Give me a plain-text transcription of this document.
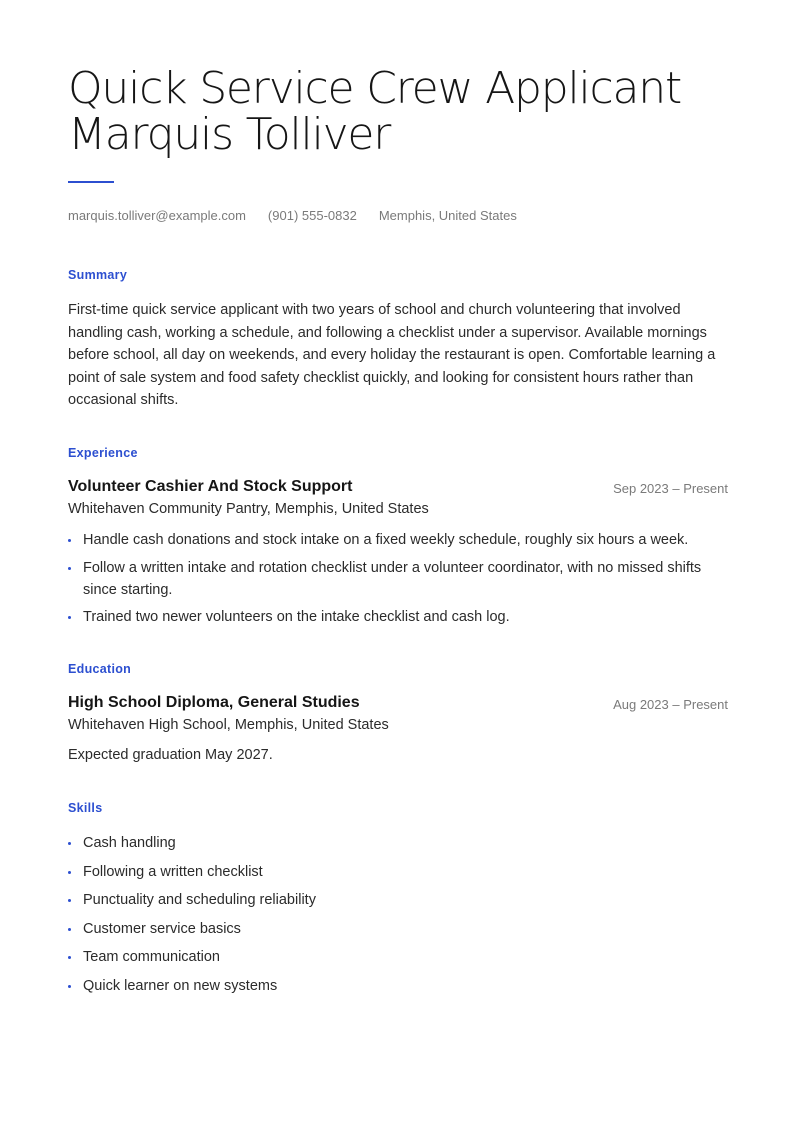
Quick Service Crew Applicant
Marquis Tolliver
marquis.tolliver@example.com (901) 555-0832 Memphis, United States
Summary

First-time quick service applicant with two years of school and church volunteering that involved handling cash, working a schedule, and following a checklist under a supervisor. Available mornings before school, all day on weekends, and every holiday the restaurant is open. Comfortable learning a point of sale system and food safety checklist quickly, and looking for consistent hours rather than occasional shifts.

Experience
Volunteer Cashier And Stock Support	Sep 2023 – Present
Whitehaven Community Pantry, Memphis, United States
Handle cash donations and stock intake on a fixed weekly schedule, roughly six hours a week.
Follow a written intake and rotation checklist under a volunteer coordinator, with no missed shifts since starting.
Trained two newer volunteers on the intake checklist and cash log.
Education
High School Diploma, General Studies	Aug 2023 – Present
Whitehaven High School, Memphis, United States
Expected graduation May 2027.
Skills
Cash handling
Following a written checklist
Punctuality and scheduling reliability
Customer service basics
Team communication
Quick learner on new systems
